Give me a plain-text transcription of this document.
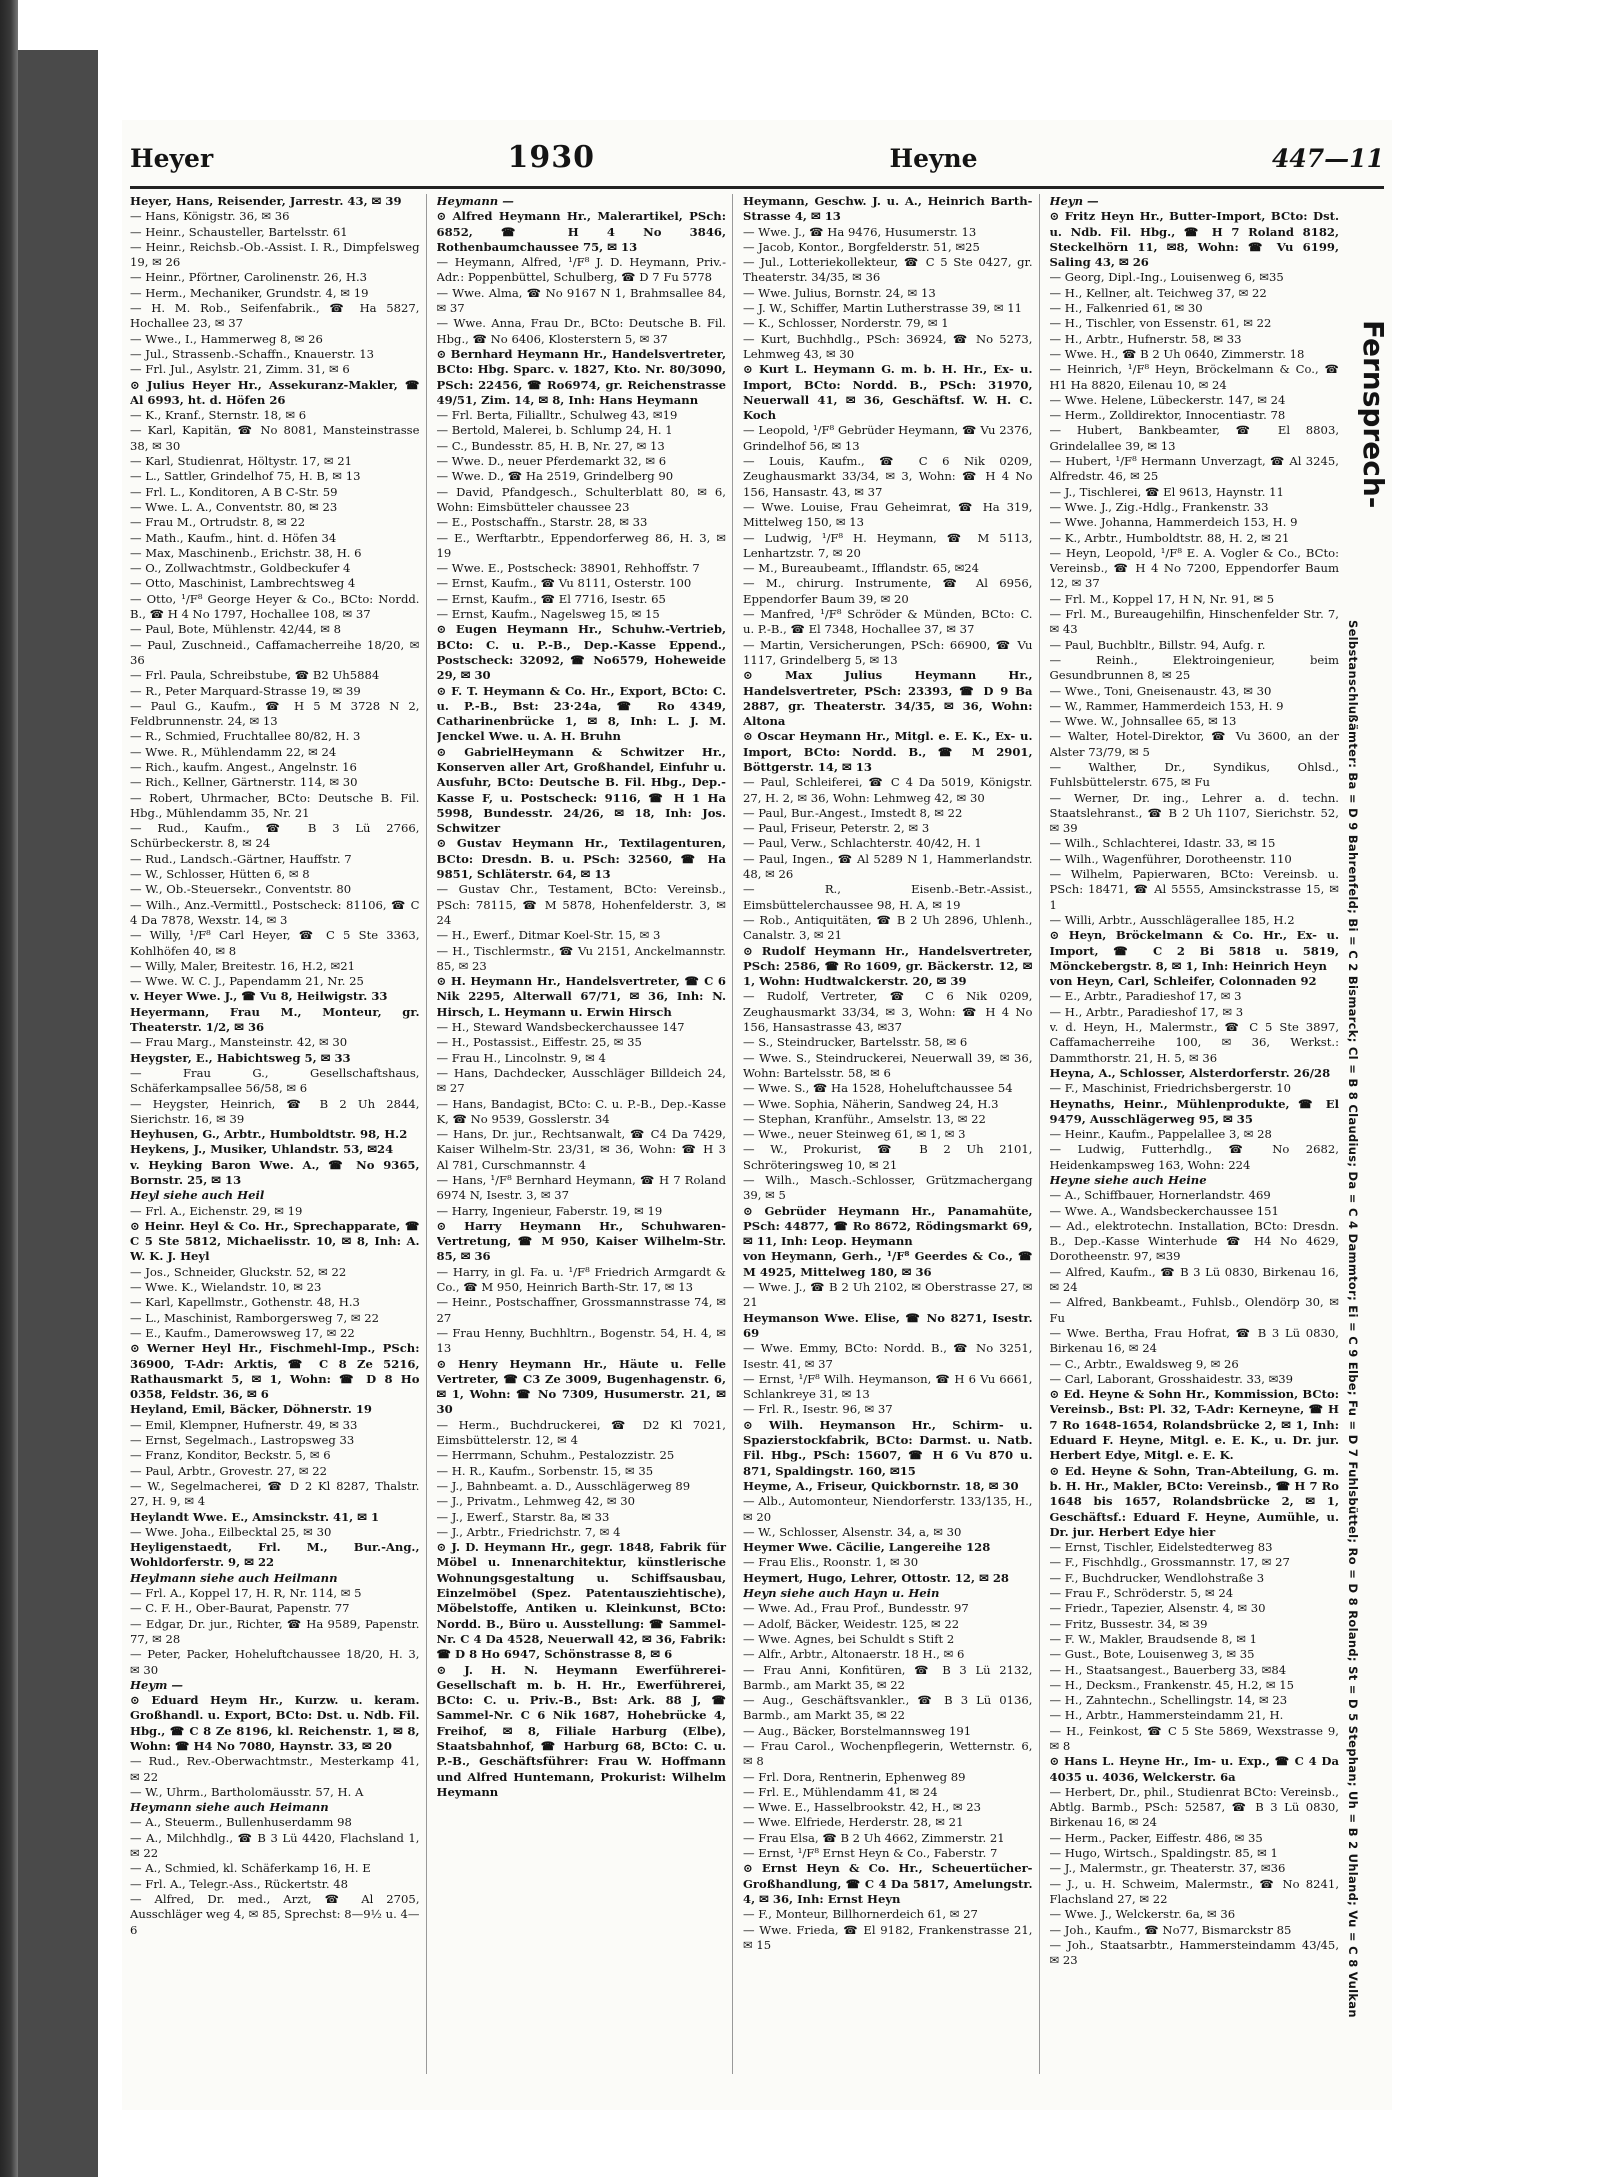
Heyer	1930	Heyne	447—11

Heyer, Hans, Reisender, Jarrestr. 43, ✉ 39

— Hans, Königstr. 36, ✉ 36

— Heinr., Schausteller, Bartelsstr. 61

— Heinr., Reichsb.-Ob.-Assist. I. R., Dimpfelsweg 19, ✉ 26

— Heinr., Pförtner, Carolinenstr. 26, H.3

— Herm., Mechaniker, Grundstr. 4, ✉ 19

— H. M. Rob., Seifenfabrik., ☎ Ha 5827, Hochallee 23, ✉ 37

— Wwe., I., Hammerweg 8, ✉ 26

— Jul., Strassenb.-Schaffn., Knauerstr. 13

— Frl. Jul., Asylstr. 21, Zimm. 31, ✉ 6

⊙ Julius Heyer Hr., Assekuranz-Makler, ☎ Al 6993, ht. d. Höfen 26

— K., Kranf., Sternstr. 18, ✉ 6

— Karl, Kapitän, ☎ No 8081, Mansteinstrasse 38, ✉ 30

— Karl, Studienrat, Höltystr. 17, ✉ 21

— L., Sattler, Grindelhof 75, H. B, ✉ 13

— Frl. L., Konditoren, A B C-Str. 59

— Wwe. L. A., Conventstr. 80, ✉ 23

— Frau M., Ortrudstr. 8, ✉ 22

— Math., Kaufm., hint. d. Höfen 34

— Max, Maschinenb., Erichstr. 38, H. 6

— O., Zollwachtmstr., Goldbeckufer 4

— Otto, Maschinist, Lambrechtsweg 4

— Otto, ¹/F⁸ George Heyer & Co., BCto: Nordd. B., ☎ H 4 No 1797, Hochallee 108, ✉ 37

— Paul, Bote, Mühlenstr. 42/44, ✉ 8

— Paul, Zuschneid., Caffamacherreihe 18/20, ✉ 36

— Frl. Paula, Schreibstube, ☎ B2 Uh5884

— R., Peter Marquard-Strasse 19, ✉ 39

— Paul G., Kaufm., ☎ H 5 M 3728 N 2, Feldbrunnenstr. 24, ✉ 13

— R., Schmied, Fruchtallee 80/82, H. 3

— Wwe. R., Mühlendamm 22, ✉ 24

— Rich., kaufm. Angest., Angelnstr. 16

— Rich., Kellner, Gärtnerstr. 114, ✉ 30

— Robert, Uhrmacher, BCto: Deutsche B. Fil. Hbg., Mühlendamm 35, Nr. 21

— Rud., Kaufm., ☎ B 3 Lü 2766, Schürbeckerstr. 8, ✉ 24

— Rud., Landsch.-Gärtner, Hauffstr. 7

— W., Schlosser, Hütten 6, ✉ 8

— W., Ob.-Steuersekr., Conventstr. 80

— Wilh., Anz.-Vermittl., Postscheck: 81106, ☎ C 4 Da 7878, Wexstr. 14, ✉ 3

— Willy, ¹/F⁸ Carl Heyer, ☎ C 5 Ste 3363, Kohlhöfen 40, ✉ 8

— Willy, Maler, Breitestr. 16, H.2, ✉21

— Wwe. W. C. J., Papendamm 21, Nr. 25

v. Heyer Wwe. J., ☎ Vu 8, Heilwigstr. 33

Heyermann, Frau M., Monteur, gr. Theaterstr. 1/2, ✉ 36

— Frau Marg., Mansteinstr. 42, ✉ 30

Heygster, E., Habichtsweg 5, ✉ 33

— Frau G., Gesellschaftshaus, Schäferkampsallee 56/58, ✉ 6

— Heygster, Heinrich, ☎ B 2 Uh 2844, Sierichstr. 16, ✉ 39

Heyhusen, G., Arbtr., Humboldtstr. 98, H.2

Heykens, J., Musiker, Uhlandstr. 53, ✉24

v. Heyking Baron Wwe. A., ☎ No 9365, Bornstr. 25, ✉ 13

Heyl siehe auch Heil

— Frl. A., Eichenstr. 29, ✉ 19

⊙ Heinr. Heyl & Co. Hr., Sprechapparate, ☎ C 5 Ste 5812, Michaelisstr. 10, ✉ 8, Inh: A. W. K. J. Heyl

— Jos., Schneider, Gluckstr. 52, ✉ 22

— Wwe. K., Wielandstr. 10, ✉ 23

— Karl, Kapellmstr., Gothenstr. 48, H.3

— L., Maschinist, Ramborgersweg 7, ✉ 22

— E., Kaufm., Damerowsweg 17, ✉ 22

⊙ Werner Heyl Hr., Fischmehl-Imp., PSch: 36900, T-Adr: Arktis, ☎ C 8 Ze 5216, Rathausmarkt 5, ✉ 1, Wohn: ☎ D 8 Ho 0358, Feldstr. 36, ✉ 6

Heyland, Emil, Bäcker, Döhnerstr. 19

— Emil, Klempner, Hufnerstr. 49, ✉ 33

— Ernst, Segelmach., Lastropsweg 33

— Franz, Konditor, Beckstr. 5, ✉ 6

— Paul, Arbtr., Grovestr. 27, ✉ 22

— W., Segelmacherei, ☎ D 2 Kl 8287, Thalstr. 27, H. 9, ✉ 4

Heylandt Wwe. E., Amsinckstr. 41, ✉ 1

— Wwe. Joha., Eilbecktal 25, ✉ 30

Heyligenstaedt, Frl. M., Bur.-Ang., Wohldorferstr. 9, ✉ 22

Heylmann siehe auch Heilmann

— Frl. A., Koppel 17, H. R, Nr. 114, ✉ 5

— C. F. H., Ober-Baurat, Papenstr. 77

— Edgar, Dr. jur., Richter, ☎ Ha 9589, Papenstr. 77, ✉ 28

— Peter, Packer, Hoheluftchaussee 18/20, H. 3, ✉ 30

Heym —

⊙ Eduard Heym Hr., Kurzw. u. keram. Großhandl. u. Export, BCto: Dst. u. Ndb. Fil. Hbg., ☎ C 8 Ze 8196, kl. Reichenstr. 1, ✉ 8, Wohn: ☎ H4 No 7080, Haynstr. 33, ✉ 20

— Rud., Rev.-Oberwachtmstr., Mesterkamp 41, ✉ 22

— W., Uhrm., Bartholomäusstr. 57, H. A

Heymann siehe auch Heimann

— A., Steuerm., Bullenhuserdamm 98

— A., Milchhdlg., ☎ B 3 Lü 4420, Flachsland 1, ✉ 22

— A., Schmied, kl. Schäferkamp 16, H. E

— Frl. A., Telegr.-Ass., Rückertstr. 48

— Alfred, Dr. med., Arzt, ☎ Al 2705, Ausschläger weg 4, ✉ 85, Sprechst: 8—9½ u. 4—6

Heymann —

⊙ Alfred Heymann Hr., Malerartikel, PSch: 6852, ☎ H 4 No 3846, Rothenbaumchaussee 75, ✉ 13

— Heymann, Alfred, ¹/F⁸ J. D. Heymann, Priv.-Adr.: Poppenbüttel, Schulberg, ☎ D 7 Fu 5778

— Wwe. Alma, ☎ No 9167 N 1, Brahmsallee 84, ✉ 37

— Wwe. Anna, Frau Dr., BCto: Deutsche B. Fil. Hbg., ☎ No 6406, Klosterstern 5, ✉ 37

⊙ Bernhard Heymann Hr., Handelsvertreter, BCto: Hbg. Sparc. v. 1827, Kto. Nr. 80/3090, PSch: 22456, ☎ Ro6974, gr. Reichenstrasse 49/51, Zim. 14, ✉ 8, Inh: Hans Heymann

— Frl. Berta, Filialltr., Schulweg 43, ✉19

— Bertold, Malerei, b. Schlump 24, H. 1

— C., Bundesstr. 85, H. B, Nr. 27, ✉ 13

— Wwe. D., neuer Pferdemarkt 32, ✉ 6

— Wwe. D., ☎ Ha 2519, Grindelberg 90

— David, Pfandgesch., Schulterblatt 80, ✉ 6, Wohn: Eimsbütteler chaussee 23

— E., Postschaffn., Starstr. 28, ✉ 33

— E., Werftarbtr., Eppendorferweg 86, H. 3, ✉ 19

— Wwe. E., Postscheck: 38901, Rehhoffstr. 7

— Ernst, Kaufm., ☎ Vu 8111, Osterstr. 100

— Ernst, Kaufm., ☎ El 7716, Isestr. 65

— Ernst, Kaufm., Nagelsweg 15, ✉ 15

⊙ Eugen Heymann Hr., Schuhw.-Vertrieb, BCto: C. u. P.-B., Dep.-Kasse Eppend., Postscheck: 32092, ☎ No6579, Hoheweide 29, ✉ 30

⊙ F. T. Heymann & Co. Hr., Export, BCto: C. u. P.-B., Bst: 23·24a, ☎ Ro 4349, Catharinenbrücke 1, ✉ 8, Inh: L. J. M. Jenckel Wwe. u. A. H. Bruhn

⊙ GabrielHeymann & Schwitzer Hr., Konserven aller Art, Großhandel, Einfuhr u. Ausfuhr, BCto: Deutsche B. Fil. Hbg., Dep.-Kasse F, u. Postscheck: 9116, ☎ H 1 Ha 5998, Bundesstr. 24/26, ✉ 18, Inh: Jos. Schwitzer

⊙ Gustav Heymann Hr., Textilagenturen, BCto: Dresdn. B. u. PSch: 32560, ☎ Ha 9851, Schläterstr. 64, ✉ 13

— Gustav Chr., Testament, BCto: Vereinsb., PSch: 78115, ☎ M 5878, Hohenfelderstr. 3, ✉ 24

— H., Ewerf., Ditmar Koel-Str. 15, ✉ 3

— H., Tischlermstr., ☎ Vu 2151, Anckelmannstr. 85, ✉ 23

⊙ H. Heymann Hr., Handelsvertreter, ☎ C 6 Nik 2295, Alterwall 67/71, ✉ 36, Inh: N. Hirsch, L. Heymann u. Erwin Hirsch

— H., Steward Wandsbeckerchaussee 147

— H., Postassist., Eiffestr. 25, ✉ 35

— Frau H., Lincolnstr. 9, ✉ 4

— Hans, Dachdecker, Ausschläger Billdeich 24, ✉ 27

— Hans, Bandagist, BCto: C. u. P.-B., Dep.-Kasse K, ☎ No 9539, Gosslerstr. 34

— Hans, Dr. jur., Rechtsanwalt, ☎ C4 Da 7429, Kaiser Wilhelm-Str. 23/31, ✉ 36, Wohn: ☎ H 3 Al 781, Curschmannstr. 4

— Hans, ¹/F⁸ Bernhard Heymann, ☎ H 7 Roland 6974 N, Isestr. 3, ✉ 37

— Harry, Ingenieur, Faberstr. 19, ✉ 19

⊙ Harry Heymann Hr., Schuhwaren-Vertretung, ☎ M 950, Kaiser Wilhelm-Str. 85, ✉ 36

— Harry, in gl. Fa. u. ¹/F⁸ Friedrich Armgardt & Co., ☎ M 950, Heinrich Barth-Str. 17, ✉ 13

— Heinr., Postschaffner, Grossmannstrasse 74, ✉ 27

— Frau Henny, Buchhltrn., Bogenstr. 54, H. 4, ✉ 13

⊙ Henry Heymann Hr., Häute u. Felle Vertreter, ☎ C3 Ze 3009, Bugenhagenstr. 6, ✉ 1, Wohn: ☎ No 7309, Husumerstr. 21, ✉ 30

— Herm., Buchdruckerei, ☎ D2 Kl 7021, Eimsbüttelerstr. 12, ✉ 4

— Herrmann, Schuhm., Pestalozzistr. 25

— H. R., Kaufm., Sorbenstr. 15, ✉ 35

— J., Bahnbeamt. a. D., Ausschlägerweg 89

— J., Privatm., Lehmweg 42, ✉ 30

— J., Ewerf., Starstr. 8a, ✉ 33

— J., Arbtr., Friedrichstr. 7, ✉ 4

⊙ J. D. Heymann Hr., gegr. 1848, Fabrik für Möbel u. Innenarchitektur, künstlerische Wohnungsgestaltung u. Schiffsausbau, Einzelmöbel (Spez. Patentausziehtische), Möbelstoffe, Antiken u. Kleinkunst, BCto: Nordd. B., Büro u. Ausstellung: ☎ Sammel-Nr. C 4 Da 4528, Neuerwall 42, ✉ 36, Fabrik: ☎ D 8 Ho 6947, Schönstrasse 8, ✉ 6

⊙ J. H. N. Heymann Ewerführerei-Gesellschaft m. b. H. Hr., Ewerführerei, BCto: C. u. Priv.-B., Bst: Ark. 88 J, ☎ Sammel-Nr. C 6 Nik 1687, Hohebrücke 4, Freihof, ✉ 8, Filiale Harburg (Elbe), Staatsbahnhof, ☎ Harburg 68, BCto: C. u. P.-B., Geschäftsführer: Frau W. Hoffmann und Alfred Huntemann, Prokurist: Wilhelm Heymann

Heymann, Geschw. J. u. A., Heinrich Barth-Strasse 4, ✉ 13

— Wwe. J., ☎ Ha 9476, Husumerstr. 13

— Jacob, Kontor., Borgfelderstr. 51, ✉25

— Jul., Lotteriekollekteur, ☎ C 5 Ste 0427, gr. Theaterstr. 34/35, ✉ 36

— Wwe. Julius, Bornstr. 24, ✉ 13

— J. W., Schiffer, Martin Lutherstrasse 39, ✉ 11

— K., Schlosser, Norderstr. 79, ✉ 1

— Kurt, Buchhdlg., PSch: 36924, ☎ No 5273, Lehmweg 43, ✉ 30

⊙ Kurt L. Heymann G. m. b. H. Hr., Ex- u. Import, BCto: Nordd. B., PSch: 31970, Neuerwall 41, ✉ 36, Geschäftsf. W. H. C. Koch

— Leopold, ¹/F⁸ Gebrüder Heymann, ☎ Vu 2376, Grindelhof 56, ✉ 13

— Louis, Kaufm., ☎ C 6 Nik 0209, Zeughausmarkt 33/34, ✉ 3, Wohn: ☎ H 4 No 156, Hansastr. 43, ✉ 37

— Wwe. Louise, Frau Geheimrat, ☎ Ha 319, Mittelweg 150, ✉ 13

— Ludwig, ¹/F⁸ H. Heymann, ☎ M 5113, Lenhartzstr. 7, ✉ 20

— M., Bureaubeamt., Ifflandstr. 65, ✉24

— M., chirurg. Instrumente, ☎ Al 6956, Eppendorfer Baum 39, ✉ 20

— Manfred, ¹/F⁸ Schröder & Münden, BCto: C. u. P.-B., ☎ El 7348, Hochallee 37, ✉ 37

— Martin, Versicherungen, PSch: 66900, ☎ Vu 1117, Grindelberg 5, ✉ 13

⊙ Max Julius Heymann Hr., Handelsvertreter, PSch: 23393, ☎ D 9 Ba 2887, gr. Theaterstr. 34/35, ✉ 36, Wohn: Altona

⊙ Oscar Heymann Hr., Mitgl. e. E. K., Ex- u. Import, BCto: Nordd. B., ☎ M 2901, Böttgerstr. 14, ✉ 13

— Paul, Schleiferei, ☎ C 4 Da 5019, Königstr. 27, H. 2, ✉ 36, Wohn: Lehmweg 42, ✉ 30

— Paul, Bur.-Angest., Imstedt 8, ✉ 22

— Paul, Friseur, Peterstr. 2, ✉ 3

— Paul, Verw., Schlachterstr. 40/42, H. 1

— Paul, Ingen., ☎ Al 5289 N 1, Hammerlandstr. 48, ✉ 26

— R., Eisenb.-Betr.-Assist., Eimsbüttelerchaussee 98, H. A, ✉ 19

— Rob., Antiquitäten, ☎ B 2 Uh 2896, Uhlenh., Canalstr. 3, ✉ 21

⊙ Rudolf Heymann Hr., Handelsvertreter, PSch: 2586, ☎ Ro 1609, gr. Bäckerstr. 12, ✉ 1, Wohn: Hudtwalckerstr. 20, ✉ 39

— Rudolf, Vertreter, ☎ C 6 Nik 0209, Zeughausmarkt 33/34, ✉ 3, Wohn: ☎ H 4 No 156, Hansastrasse 43, ✉37

— S., Steindrucker, Bartelsstr. 58, ✉ 6

— Wwe. S., Steindruckerei, Neuerwall 39, ✉ 36, Wohn: Bartelsstr. 58, ✉ 6

— Wwe. S., ☎ Ha 1528, Hoheluftchaussee 54

— Wwe. Sophia, Näherin, Sandweg 24, H.3

— Stephan, Kranführ., Amselstr. 13, ✉ 22

— Wwe., neuer Steinweg 61, ✉ 1, ✉ 3

— W., Prokurist, ☎ B 2 Uh 2101, Schröteringsweg 10, ✉ 21

— Wilh., Masch.-Schlosser, Grützmachergang 39, ✉ 5

⊙ Gebrüder Heymann Hr., Panamahüte, PSch: 44877, ☎ Ro 8672, Rödingsmarkt 69, ✉ 11, Inh: Leop. Heymann

von Heymann, Gerh., ¹/F⁸ Geerdes & Co., ☎ M 4925, Mittelweg 180, ✉ 36

— Wwe. J., ☎ B 2 Uh 2102, ✉ Oberstrasse 27, ✉ 21

Heymanson Wwe. Elise, ☎ No 8271, Isestr. 69

— Wwe. Emmy, BCto: Nordd. B., ☎ No 3251, Isestr. 41, ✉ 37

— Ernst, ¹/F⁸ Wilh. Heymanson, ☎ H 6 Vu 6661, Schlankreye 31, ✉ 13

— Frl. R., Isestr. 96, ✉ 37

⊙ Wilh. Heymanson Hr., Schirm- u. Spazierstockfabrik, BCto: Darmst. u. Natb. Fil. Hbg., PSch: 15607, ☎ H 6 Vu 870 u. 871, Spaldingstr. 160, ✉15

Heyme, A., Friseur, Quickbornstr. 18, ✉ 30

— Alb., Automonteur, Niendorferstr. 133/135, H., ✉ 20

— W., Schlosser, Alsenstr. 34, a, ✉ 30

Heymer Wwe. Cäcilie, Langereihe 128

— Frau Elis., Roonstr. 1, ✉ 30

Heymert, Hugo, Lehrer, Ottostr. 12, ✉ 28

Heyn siehe auch Hayn u. Hein

— Wwe. Ad., Frau Prof., Bundesstr. 97

— Adolf, Bäcker, Weidestr. 125, ✉ 22

— Wwe. Agnes, bei Schuldt s Stift 2

— Alfr., Arbtr., Altonaerstr. 18 H., ✉ 6

— Frau Anni, Konfitüren, ☎ B 3 Lü 2132, Barmb., am Markt 35, ✉ 22

— Aug., Geschäftsvankler., ☎ B 3 Lü 0136, Barmb., am Markt 35, ✉ 22

— Aug., Bäcker, Borstelmannsweg 191

— Frau Carol., Wochenpflegerin, Wetternstr. 6, ✉ 8

— Frl. Dora, Rentnerin, Ephenweg 89

— Frl. E., Mühlendamm 41, ✉ 24

— Wwe. E., Hasselbrookstr. 42, H., ✉ 23

— Wwe. Elfriede, Herderstr. 28, ✉ 21

— Frau Elsa, ☎ B 2 Uh 4662, Zimmerstr. 21

— Ernst, ¹/F⁸ Ernst Heyn & Co., Faberstr. 7

⊙ Ernst Heyn & Co. Hr., Scheuertücher-Großhandlung, ☎ C 4 Da 5817, Amelungstr. 4, ✉ 36, Inh: Ernst Heyn

— F., Monteur, Billhornerdeich 61, ✉ 27

— Wwe. Frieda, ☎ El 9182, Frankenstrasse 21, ✉ 15

Heyn —

⊙ Fritz Heyn Hr., Butter-Import, BCto: Dst. u. Ndb. Fil. Hbg., ☎ H 7 Roland 8182, Steckelhörn 11, ✉8, Wohn: ☎ Vu 6199, Saling 43, ✉ 26

— Georg, Dipl.-Ing., Louisenweg 6, ✉35

— H., Kellner, alt. Teichweg 37, ✉ 22

— H., Falkenried 61, ✉ 30

— H., Tischler, von Essenstr. 61, ✉ 22

— H., Arbtr., Hufnerstr. 58, ✉ 33

— Wwe. H., ☎ B 2 Uh 0640, Zimmerstr. 18

— Heinrich, ¹/F⁸ Heyn, Bröckelmann & Co., ☎ H1 Ha 8820, Eilenau 10, ✉ 24

— Wwe. Helene, Lübeckerstr. 147, ✉ 24

— Herm., Zolldirektor, Innocentiastr. 78

— Hubert, Bankbeamter, ☎ El 8803, Grindelallee 39, ✉ 13

— Hubert, ¹/F⁸ Hermann Unverzagt, ☎ Al 3245, Alfredstr. 46, ✉ 25

— J., Tischlerei, ☎ El 9613, Haynstr. 11

— Wwe. J., Zig.-Hdlg., Frankenstr. 33

— Wwe. Johanna, Hammerdeich 153, H. 9

— K., Arbtr., Humboldtstr. 88, H. 2, ✉ 21

— Heyn, Leopold, ¹/F⁸ E. A. Vogler & Co., BCto: Vereinsb., ☎ H 4 No 7200, Eppendorfer Baum 12, ✉ 37

— Frl. M., Koppel 17, H N, Nr. 91, ✉ 5

— Frl. M., Bureaugehilfin, Hinschenfelder Str. 7, ✉ 43

— Paul, Buchbltr., Billstr. 94, Aufg. r.

— Reinh., Elektroingenieur, beim Gesundbrunnen 8, ✉ 25

— Wwe., Toni, Gneisenaustr. 43, ✉ 30

— W., Rammer, Hammerdeich 153, H. 9

— Wwe. W., Johnsallee 65, ✉ 13

— Walter, Hotel-Direktor, ☎ Vu 3600, an der Alster 73/79, ✉ 5

— Walther, Dr., Syndikus, Ohlsd., Fuhlsbüttelerstr. 675, ✉ Fu

— Werner, Dr. ing., Lehrer a. d. techn. Staatslehranst., ☎ B 2 Uh 1107, Sierichstr. 52, ✉ 39

— Wilh., Schlachterei, Idastr. 33, ✉ 15

— Wilh., Wagenführer, Dorotheenstr. 110

— Wilhelm, Papierwaren, BCto: Vereinsb. u. PSch: 18471, ☎ Al 5555, Amsinckstrasse 15, ✉ 1

— Willi, Arbtr., Ausschlägerallee 185, H.2

⊙ Heyn, Bröckelmann & Co. Hr., Ex- u. Import, ☎ C 2 Bi 5818 u. 5819, Mönckebergstr. 8, ✉ 1, Inh: Heinrich Heyn

von Heyn, Carl, Schleifer, Colonnaden 92

— E., Arbtr., Paradieshof 17, ✉ 3

— H., Arbtr., Paradieshof 17, ✉ 3

v. d. Heyn, H., Malermstr., ☎ C 5 Ste 3897, Caffamacherreihe 100, ✉ 36, Werkst.: Dammthorstr. 21, H. 5, ✉ 36

Heyna, A., Schlosser, Alsterdorferstr. 26/28

— F., Maschinist, Friedrichsbergerstr. 10

Heynaths, Heinr., Mühlenprodukte, ☎ El 9479, Ausschlägerweg 95, ✉ 35

— Heinr., Kaufm., Pappelallee 3, ✉ 28

— Ludwig, Futterhdlg., ☎ No 2682, Heidenkampsweg 163, Wohn: 224

Heyne siehe auch Heine

— A., Schiffbauer, Hornerlandstr. 469

— Wwe. A., Wandsbeckerchaussee 151

— Ad., elektrotechn. Installation, BCto: Dresdn. B., Dep.-Kasse Winterhude ☎ H4 No 4629, Dorotheenstr. 97, ✉39

— Alfred, Kaufm., ☎ B 3 Lü 0830, Birkenau 16, ✉ 24

— Alfred, Bankbeamt., Fuhlsb., Olendörp 30, ✉ Fu

— Wwe. Bertha, Frau Hofrat, ☎ B 3 Lü 0830, Birkenau 16, ✉ 24

— C., Arbtr., Ewaldsweg 9, ✉ 26

— Carl, Laborant, Grosshaidestr. 33, ✉39

⊙ Ed. Heyne & Sohn Hr., Kommission, BCto: Vereinsb., Bst: Pl. 32, T-Adr: Kerneyne, ☎ H 7 Ro 1648-1654, Rolandsbrücke 2, ✉ 1, Inh: Eduard F. Heyne, Mitgl. e. E. K., u. Dr. jur. Herbert Edye, Mitgl. e. E. K.

⊙ Ed. Heyne & Sohn, Tran-Abteilung, G. m. b. H. Hr., Makler, BCto: Vereinsb., ☎ H 7 Ro 1648 bis 1657, Rolandsbrücke 2, ✉ 1, Geschäftsf.: Eduard F. Heyne, Aumühle, u. Dr. jur. Herbert Edye hier

— Ernst, Tischler, Eidelstedterweg 83

— F., Fischhdlg., Grossmannstr. 17, ✉ 27

— F., Buchdrucker, Wendlohstraße 3

— Frau F., Schröderstr. 5, ✉ 24

— Friedr., Tapezier, Alsenstr. 4, ✉ 30

— Fritz, Bussestr. 34, ✉ 39

— F. W., Makler, Braudsende 8, ✉ 1

— Gust., Bote, Louisenweg 3, ✉ 35

— H., Staatsangest., Bauerberg 33, ✉84

— H., Decksm., Frankenstr. 45, H.2, ✉ 15

— H., Zahntechn., Schellingstr. 14, ✉ 23

— H., Arbtr., Hammersteindamm 21, H.

— H., Feinkost, ☎ C 5 Ste 5869, Wexstrasse 9, ✉ 8

⊙ Hans L. Heyne Hr., Im- u. Exp., ☎ C 4 Da 4035 u. 4036, Welckerstr. 6a

— Herbert, Dr., phil., Studienrat BCto: Vereinsb., Abtlg. Barmb., PSch: 52587, ☎ B 3 Lü 0830, Birkenau 16, ✉ 24

— Herm., Packer, Eiffestr. 486, ✉ 35

— Hugo, Wirtsch., Spaldingstr. 85, ✉ 1

— J., Malermstr., gr. Theaterstr. 37, ✉36

— J., u. H. Schweim, Malermstr., ☎ No 8241, Flachsland 27, ✉ 22

— Wwe. J., Welckerstr. 6a, ✉ 36

— Joh., Kaufm., ☎ No77, Bismarckstr 85

— Joh., Staatsarbtr., Hammersteindamm 43/45, ✉ 23

Fernsprech-
Selbstanschlußämter: Ba = D 9 Bahrenfeld; Bi = C 2 Bismarck; Cl = B 8 Claudius; Da = C 4 Dammtor; Ei = C 9 Elbe; Fu = D 7 Fuhlsbüttel; Ro = D 8 Roland; St = D 5 Stephan; Uh = B 2 Uhland; Vu = C 8 Vulkan
